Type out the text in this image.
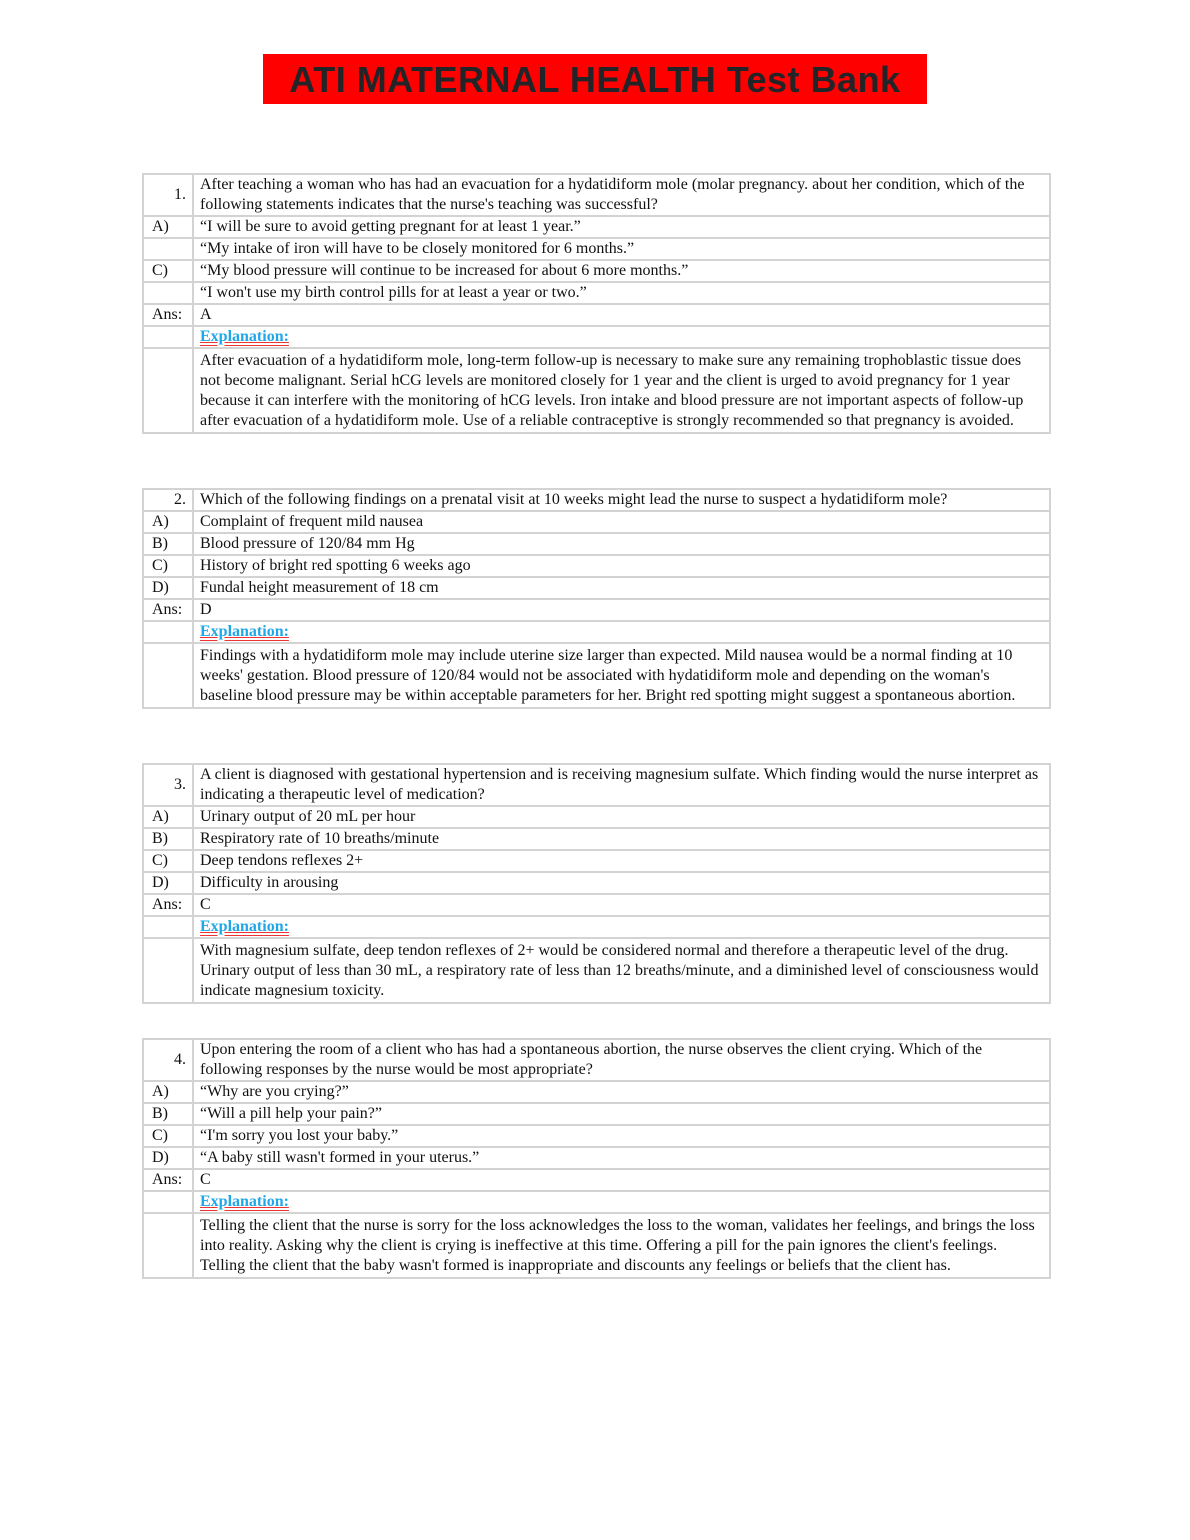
ATI MATERNAL HEALTH Test Bank
1.	After teaching a woman who has had an evacuation for a hydatidiform mole (molar pregnancy. about her condition, which of the following statements indicates that the nurse's teaching was successful?
A)	“I will be sure to avoid getting pregnant for at least 1 year.”
	“My intake of iron will have to be closely monitored for 6 months.”
C)	“My blood pressure will continue to be increased for about 6 more months.”
	“I won't use my birth control pills for at least a year or two.”
Ans:	A
	Explanation:
	After evacuation of a hydatidiform mole, long-term follow-up is necessary to make sure any remaining trophoblastic tissue does not become malignant. Serial hCG levels are monitored closely for 1 year and the client is urged to avoid pregnancy for 1 year because it can interfere with the monitoring of hCG levels. Iron intake and blood pressure are not important aspects of follow-up after evacuation of a hydatidiform mole. Use of a reliable contraceptive is strongly recommended so that pregnancy is avoided.
2.	Which of the following findings on a prenatal visit at 10 weeks might lead the nurse to suspect a hydatidiform mole?
A)	Complaint of frequent mild nausea
B)	Blood pressure of 120/84 mm Hg
C)	History of bright red spotting 6 weeks ago
D)	Fundal height measurement of 18 cm
Ans:	D
	Explanation:
	Findings with a hydatidiform mole may include uterine size larger than expected. Mild nausea would be a normal finding at 10 weeks' gestation. Blood pressure of 120/84 would not be associated with hydatidiform mole and depending on the woman's baseline blood pressure may be within acceptable parameters for her. Bright red spotting might suggest a spontaneous abortion.
3.	A client is diagnosed with gestational hypertension and is receiving magnesium sulfate. Which finding would the nurse interpret as indicating a therapeutic level of medication?
A)	Urinary output of 20 mL per hour
B)	Respiratory rate of 10 breaths/minute
C)	Deep tendons reflexes 2+
D)	Difficulty in arousing
Ans:	C
	Explanation:
	With magnesium sulfate, deep tendon reflexes of 2+ would be considered normal and therefore a therapeutic level of the drug. Urinary output of less than 30 mL, a respiratory rate of less than 12 breaths/minute, and a diminished level of consciousness would indicate magnesium toxicity.
4.	Upon entering the room of a client who has had a spontaneous abortion, the nurse observes the client crying. Which of the following responses by the nurse would be most appropriate?
A)	“Why are you crying?”
B)	“Will a pill help your pain?”
C)	“I'm sorry you lost your baby.”
D)	“A baby still wasn't formed in your uterus.”
Ans:	C
	Explanation:
	Telling the client that the nurse is sorry for the loss acknowledges the loss to the woman, validates her feelings, and brings the loss into reality. Asking why the client is crying is ineffective at this time. Offering a pill for the pain ignores the client's feelings. Telling the client that the baby wasn't formed is inappropriate and discounts any feelings or beliefs that the client has.
